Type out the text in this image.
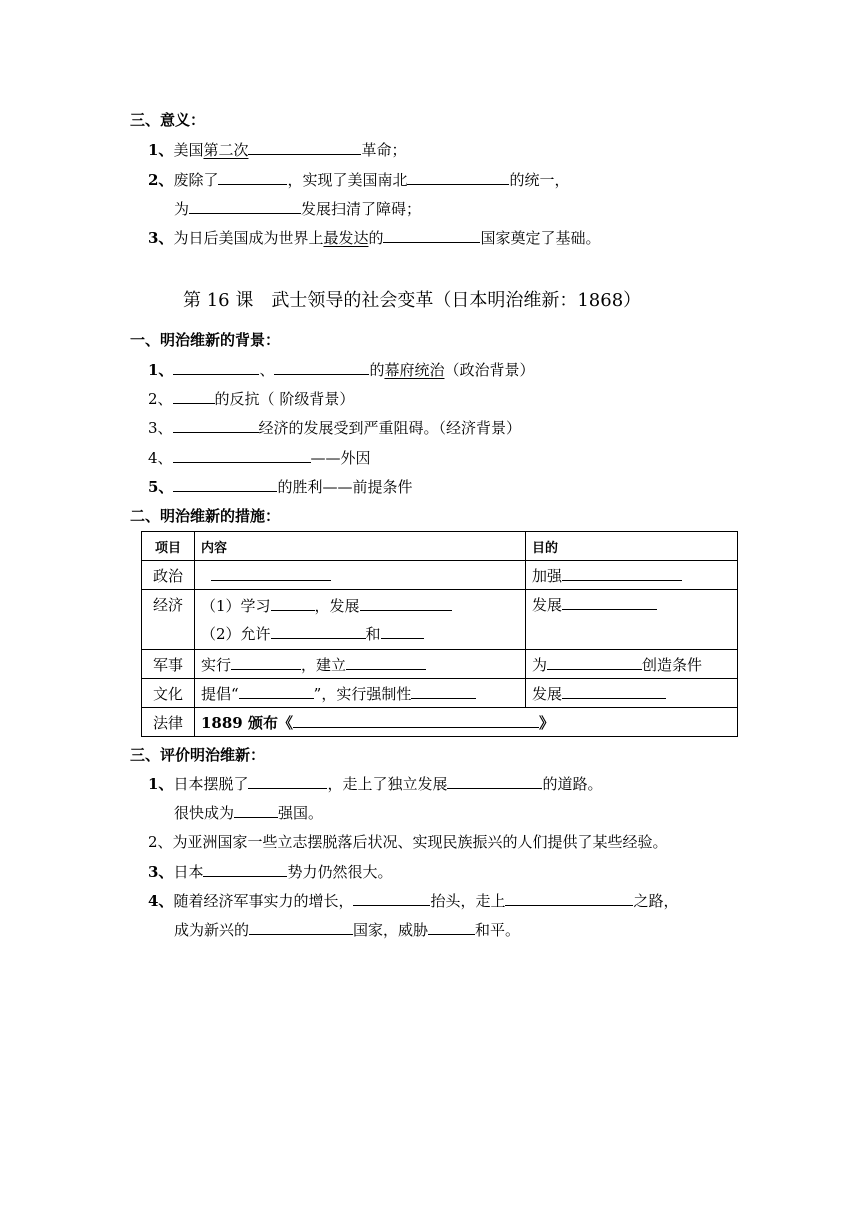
三、意义：
1、美国第二次	革命；
2、废除了	，实现了美国南北	的统一，
为	发展扫清了障碍；
3、为日后美国成为世界上最发达的	国家奠定了基础。
第 16 课　武士领导的社会变革（日本明治维新：1868）
一、明治维新的背景：
1、	、	的幕府统治（政治背景）
2、	的反抗（ 阶级背景）
3、	经济的发展受到严重阻碍。（经济背景）
4、	——外因
5、	的胜利——前提条件
二、明治维新的措施：
项目	内容	目的
政治		加强
经济	（1）学习 ，发展
（2）允许 和	发展
军事	实行 ，建立	为 创造条件
文化	提倡“ ”，实行强制性	发展
法律	1889 颁布《 》	
三、评价明治维新：
1、日本摆脱了	，走上了独立发展	的道路。
很快成为	强国。
2、为亚洲国家一些立志摆脱落后状况、实现民族振兴的人们提供了某些经验。
3、日本	势力仍然很大。
4、随着经济军事实力的增长，	抬头，走上	之路，
成为新兴的	国家，威胁	和平。
